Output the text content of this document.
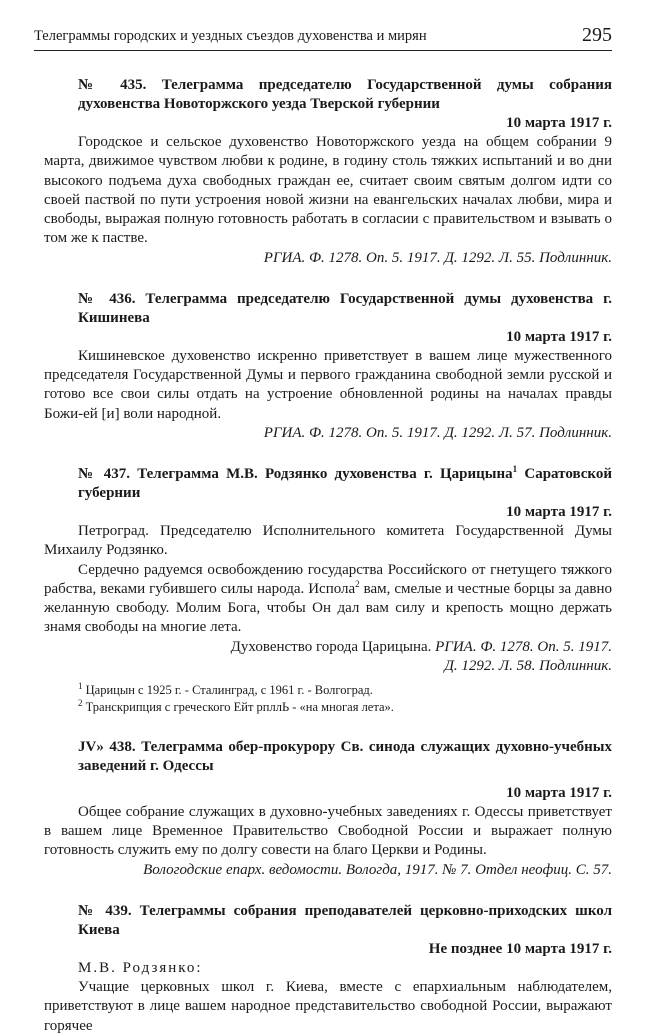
Телеграммы городских и уездных съездов духовенства и мирян	295

№ 435. Телеграмма председателю Государственной думы собрания духовенства Новоторжского уезда Тверской губернии

10 марта 1917 г.

Городское и сельское духовенство Новоторжского уезда на общем собрании 9 марта, движимое чувством любви к родине, в годину столь тяжких испытаний и во дни высокого подъема духа свободных граждан ее, считает своим святым долгом идти со своей паствой по пути устроения новой жизни на евангельских началах любви, мира и свободы, выражая полную готовность работать в согласии с правительством и взывать о том же к пастве.

РГИА. Ф. 1278. Оп. 5. 1917. Д. 1292. Л. 55. Подлинник.

№ 436. Телеграмма председателю Государственной думы духовенства г. Кишинева

10 марта 1917 г.

Кишиневское духовенство искренно приветствует в вашем лице мужественного председателя Государственной Думы и первого гражданина свободной земли русской и готово все свои силы отдать на устроение обновленной родины на началах правды Божи-ей [и] воли народной.

РГИА. Ф. 1278. Оп. 5. 1917. Д. 1292. Л. 57. Подлинник.

№ 437. Телеграмма М.В. Родзянко духовенства г. Царицына$^1$ Саратовской губернии

10 марта 1917 г.

Петроград. Председателю Исполнительного комитета Государственной Думы Михаилу Родзянко.

Сердечно радуемся освобождению государства Российского от гнетущего тяжкого рабства, веками губившего силы народа. Испола$^2$ вам, смелые и честные борцы за давно желанную свободу. Молим Бога, чтобы Он дал вам силу и крепость мощно держать знамя свободы на многие лета.

Духовенство города Царицына. РГИА. Ф. 1278. Оп. 5. 1917.

Д. 1292. Л. 58. Подлинник.

$^1$ Царицын с 1925 г. - Сталинград, с 1961 г. - Волгоград.

$^2$ Транскрипция с греческого Ейт рпллЬ - «на многая лета».

JV» 438. Телеграмма обер-прокурору Св. синода служащих духовно-учебных заведений г. Одессы

10 марта 1917 г.

Общее собрание служащих в духовно-учебных заведениях г. Одессы приветствует в вашем лице Временное Правительство Свободной России и выражает полную готовность служить ему по долгу совести на благо Церкви и Родины.

Вологодские епарх. ведомости. Вологда, 1917. № 7. Отдел неофиц. С. 57.

№ 439. Телеграммы собрания преподавателей церковно-приходских школ Киева

Не позднее 10 марта 1917 г.

М.В. Родзянко:

Учащие церковных школ г. Киева, вместе с епархиальным наблюдателем, приветствуют в лице вашем народное представительство свободной России, выражают горячее
